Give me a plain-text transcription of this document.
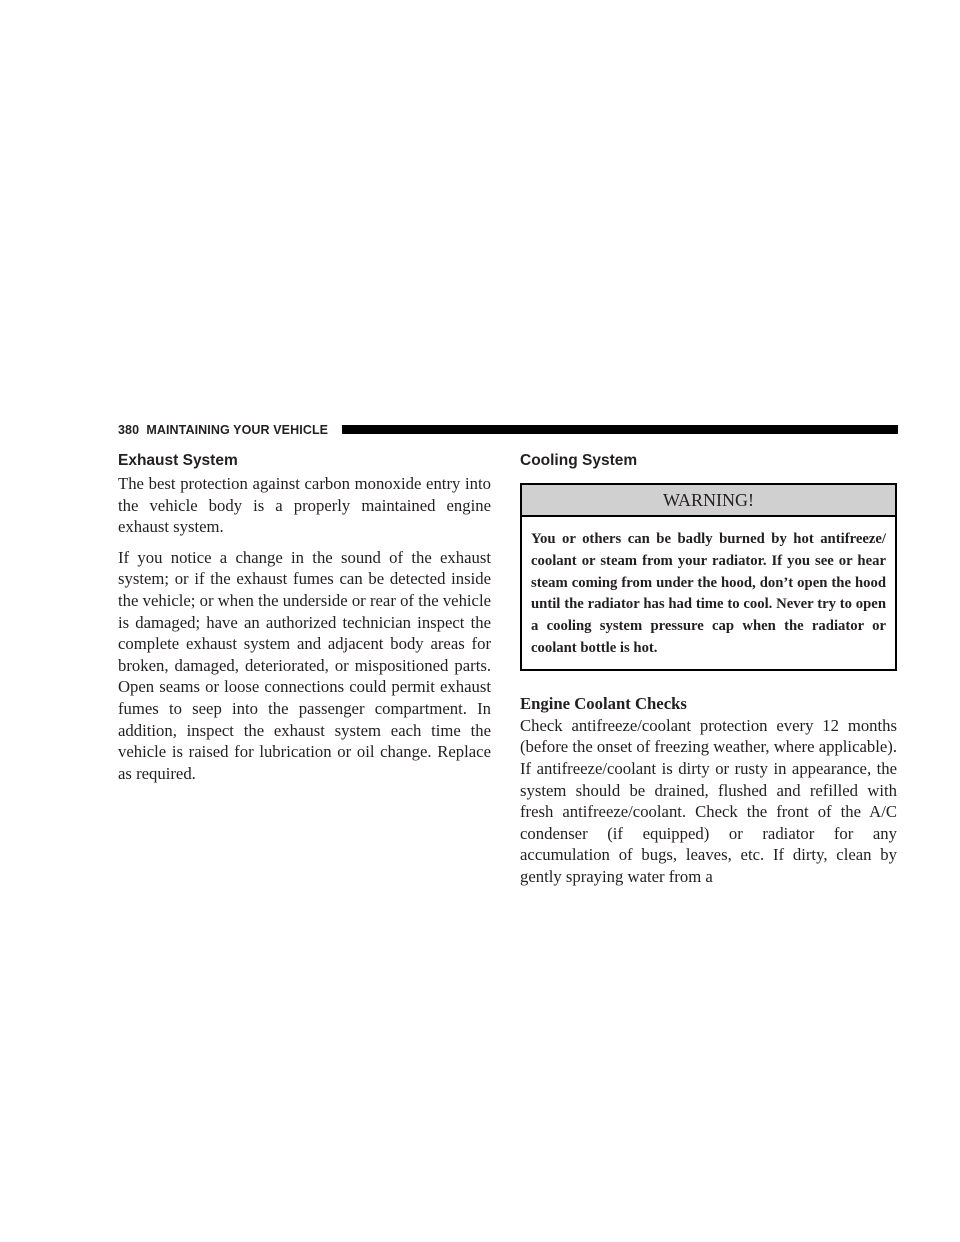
380 MAINTAINING YOUR VEHICLE
Exhaust System

The best protection against carbon monoxide entry into the vehicle body is a properly maintained engine exhaust system.

If you notice a change in the sound of the exhaust system; or if the exhaust fumes can be detected inside the vehicle; or when the underside or rear of the vehicle is damaged; have an authorized technician inspect the complete exhaust system and adjacent body areas for broken, damaged, deteriorated, or mispositioned parts. Open seams or loose connections could permit exhaust fumes to seep into the passenger compartment. In addition, inspect the exhaust system each time the vehicle is raised for lubrication or oil change. Replace as required.

Cooling System
WARNING!
You or others can be badly burned by hot antifreeze/ coolant or steam from your radiator. If you see or hear steam coming from under the hood, don’t open the hood until the radiator has had time to cool. Never try to open a cooling system pressure cap when the radiator or coolant bottle is hot.
Engine Coolant Checks

Check antifreeze/coolant protection every 12 months (before the onset of freezing weather, where applicable). If antifreeze/coolant is dirty or rusty in appearance, the system should be drained, flushed and refilled with fresh antifreeze/coolant. Check the front of the A/C condenser (if equipped) or radiator for any accumulation of bugs, leaves, etc. If dirty, clean by gently spraying water from a
